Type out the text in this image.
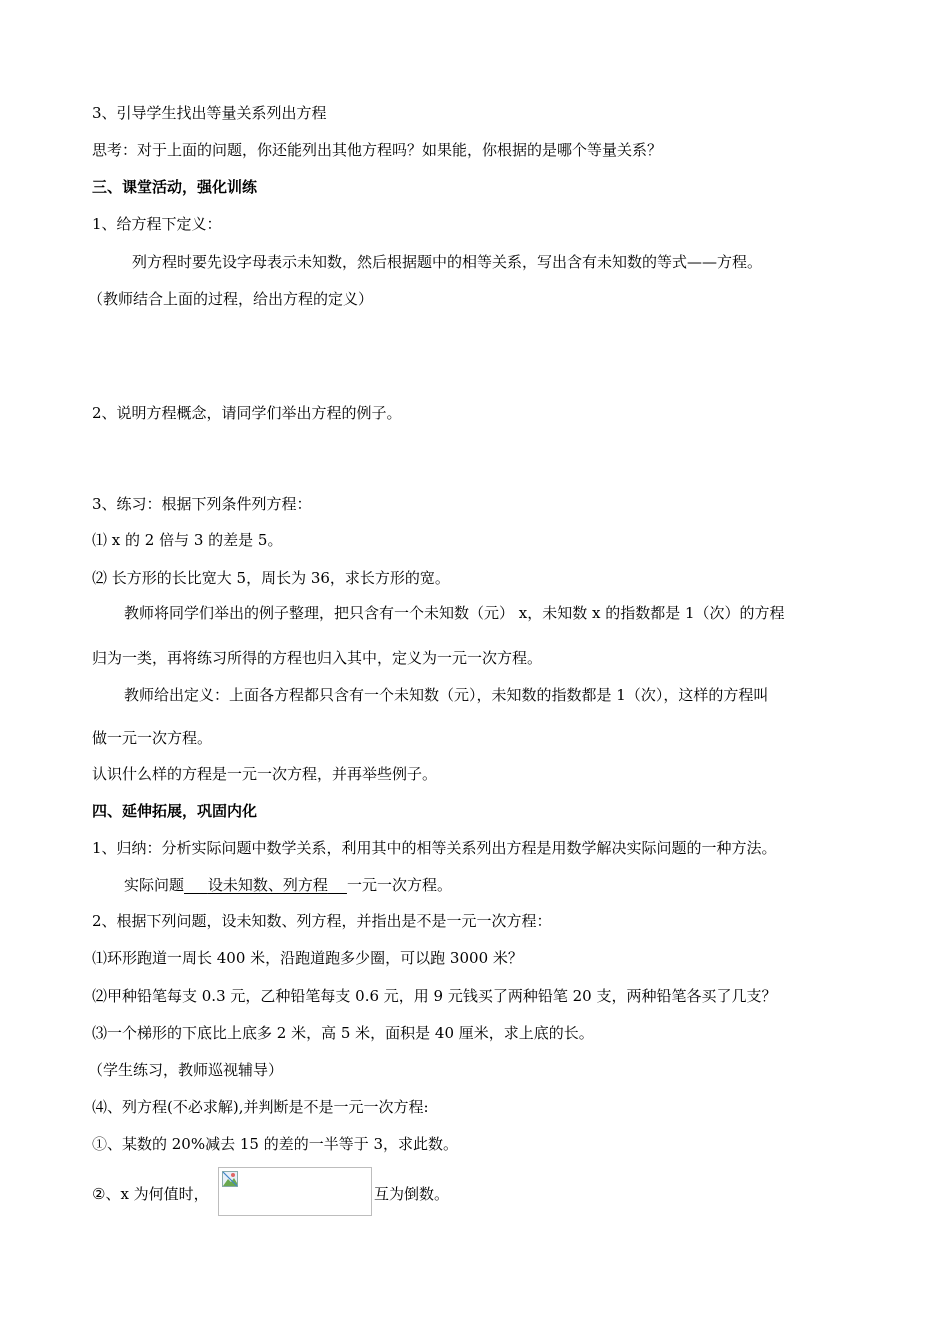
3、引导学生找出等量关系列出方程
思考：对于上面的问题，你还能列出其他方程吗？如果能，你根据的是哪个等量关系？
三、课堂活动，强化训练
1、给方程下定义：
列方程时要先设字母表示未知数，然后根据题中的相等关系，写出含有未知数的等式——方程。
（教师结合上面的过程，给出方程的定义）
2、说明方程概念，请同学们举出方程的例子。
3、练习：根据下列条件列方程：
⑴ x 的 2 倍与 3 的差是 5。
⑵ 长方形的长比宽大 5，周长为 36，求长方形的宽。
教师将同学们举出的例子整理，把只含有一个未知数（元） x，未知数 x 的指数都是 1（次）的方程
归为一类，再将练习所得的方程也归入其中，定义为一元一次方程。
教师给出定义：上面各方程都只含有一个未知数（元），未知数的指数都是 1（次），这样的方程叫
做一元一次方程。
认识什么样的方程是一元一次方程，并再举些例子。
四、延伸拓展，巩固内化
1、归纳：分析实际问题中数学关系，利用其中的相等关系列出方程是用数学解决实际问题的一种方法。
实际问题 设未知数、列方程 一元一次方程。
2、根据下列问题，设未知数、列方程，并指出是不是一元一次方程：
⑴环形跑道一周长 400 米，沿跑道跑多少圈，可以跑 3000 米？
⑵甲种铅笔每支 0.3 元，乙种铅笔每支 0.6 元，用 9 元钱买了两种铅笔 20 支，两种铅笔各买了几支？
⑶一个梯形的下底比上底多 2 米，高 5 米，面积是 40 厘米，求上底的长。
（学生练习，教师巡视辅导）
⑷、列方程(不必求解),并判断是不是一元一次方程:
①、某数的 20%减去 15 的差的一半等于 3，求此数。
②、x 为何值时，	互为倒数。
